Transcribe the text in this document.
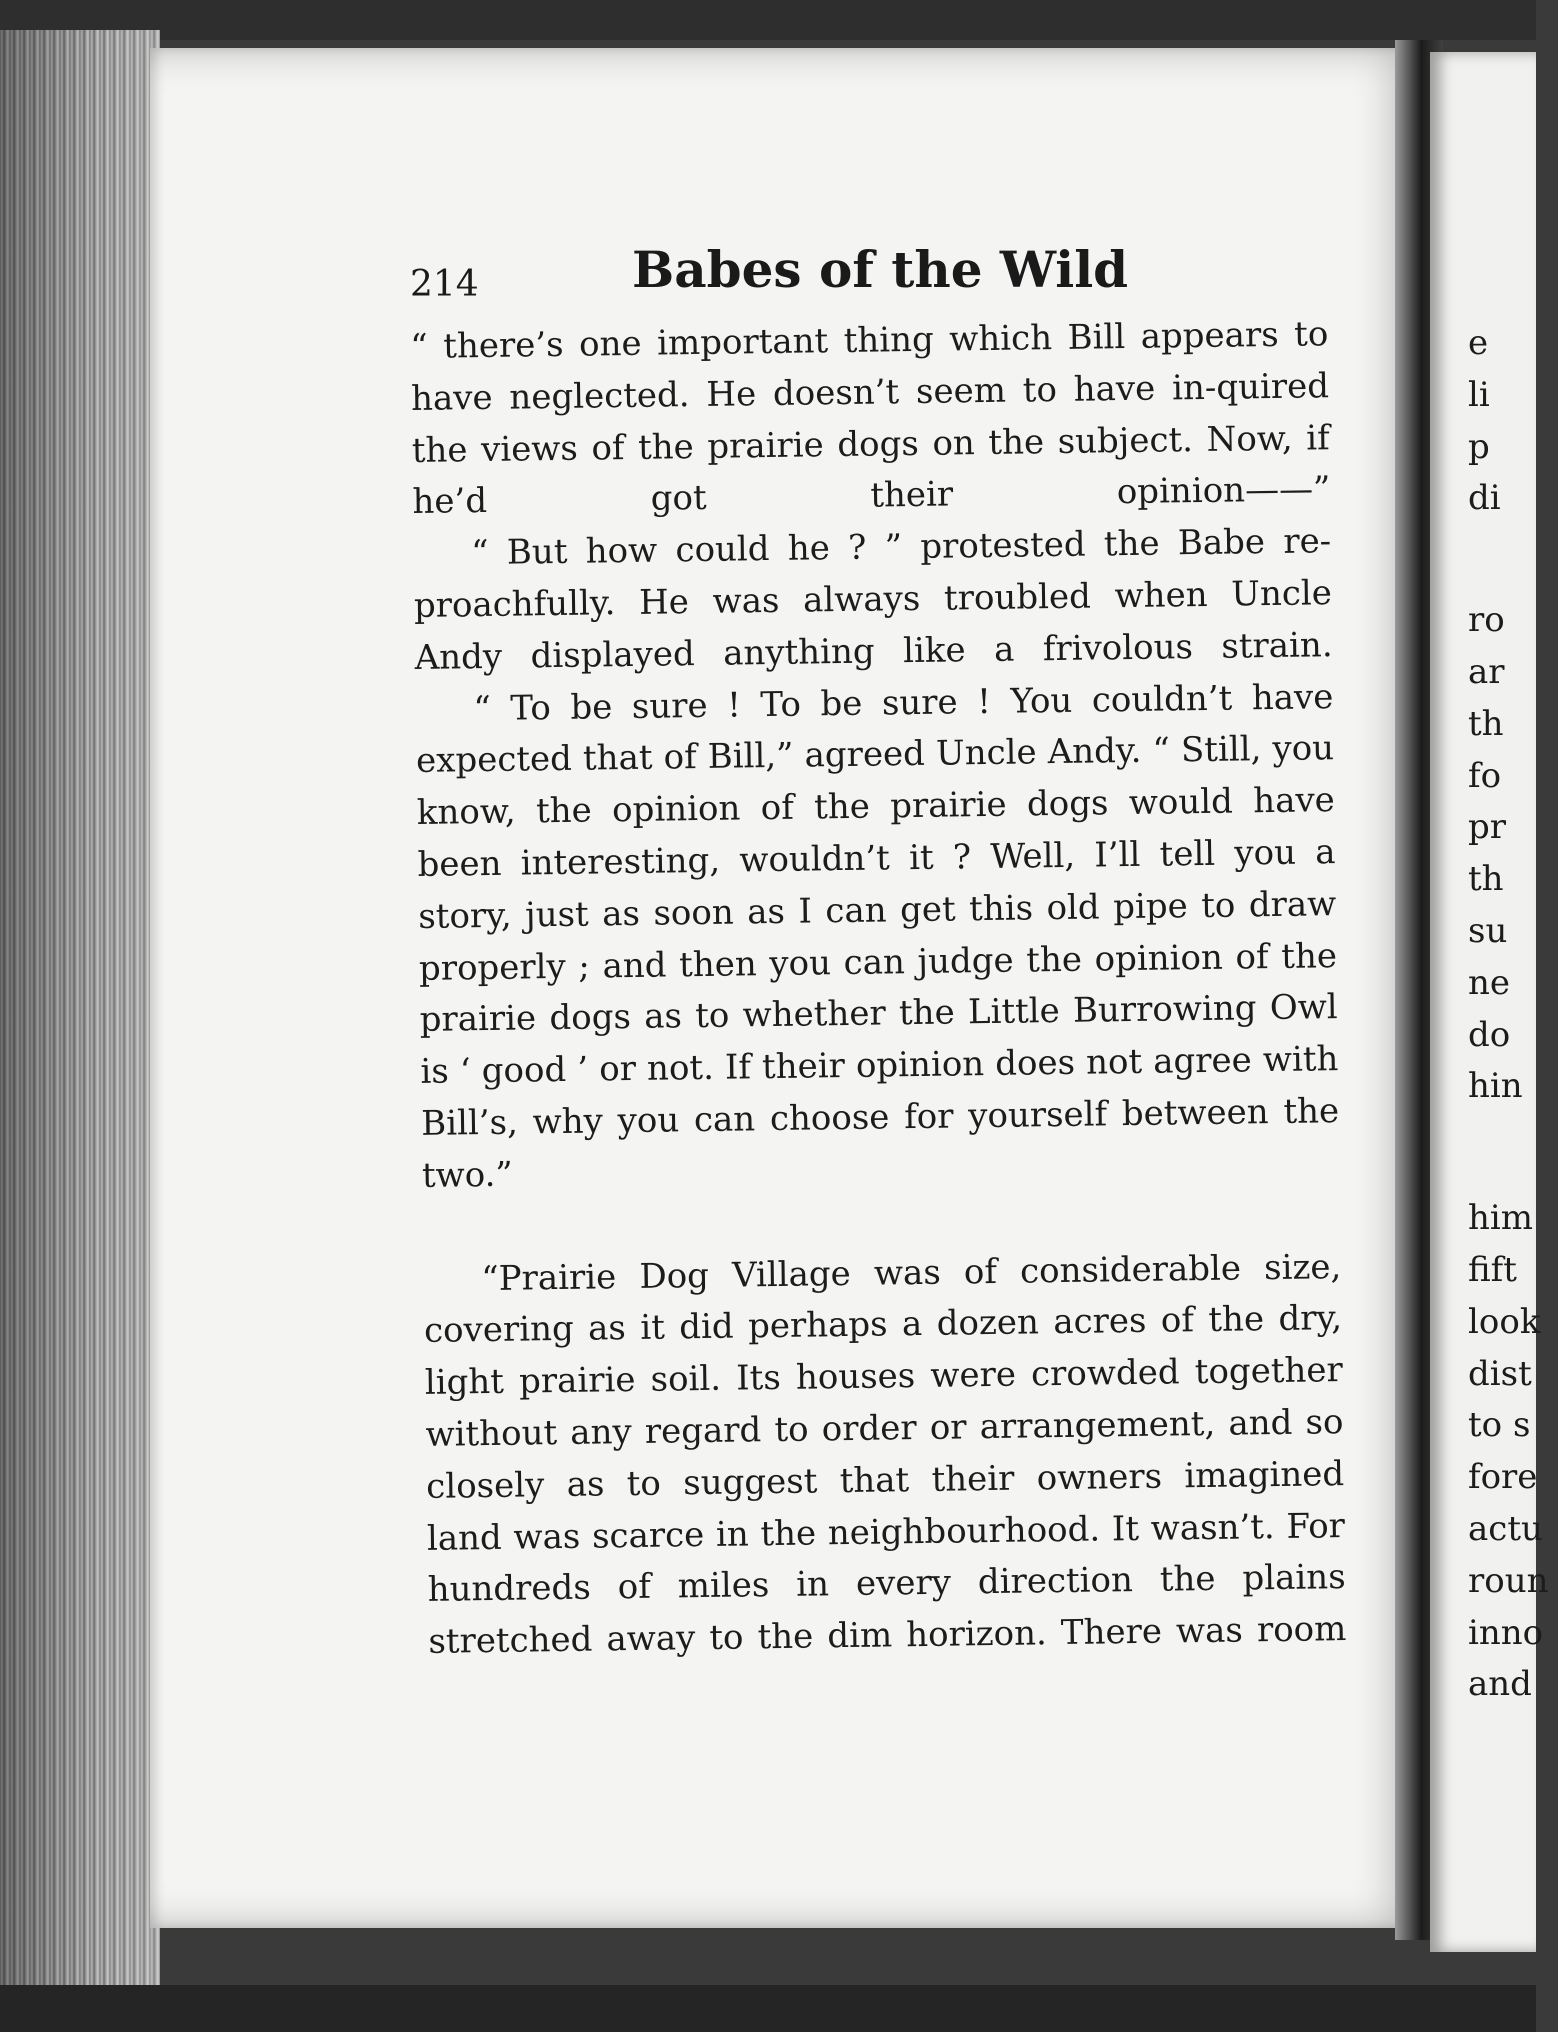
214	Babes of the Wild

“ there’s one important thing which Bill appears to have neglected. He doesn’t seem to have in-quired the views of the prairie dogs on the subject. Now, if he’d got their opinion——”

“ But how could he ? ” protested the Babe re-proachfully. He was always troubled when Uncle Andy displayed anything like a frivolous strain.

“ To be sure ! To be sure ! You couldn’t have expected that of Bill,” agreed Uncle Andy. “ Still, you know, the opinion of the prairie dogs would have been interesting, wouldn’t it ? Well, I’ll tell you a story, just as soon as I can get this old pipe to draw properly ; and then you can judge the opinion of the prairie dogs as to whether the Little Burrowing Owl is ‘ good ’ or not. If their opinion does not agree with Bill’s, why you can choose for yourself between the two.”

“Prairie Dog Village was of considerable size, covering as it did perhaps a dozen acres of the dry, light prairie soil. Its houses were crowded together without any regard to order or arrangement, and so closely as to suggest that their owners imagined land was scarce in the neighbourhood. It wasn’t. For hundreds of miles in every direction the plains stretched away to the dim horizon. There was room

e
li
p
di
ro
ar
th
fo
pr
th
su
ne
do
hin
him
fift
look
dist
to s
fore
actu
roun
inno
and
